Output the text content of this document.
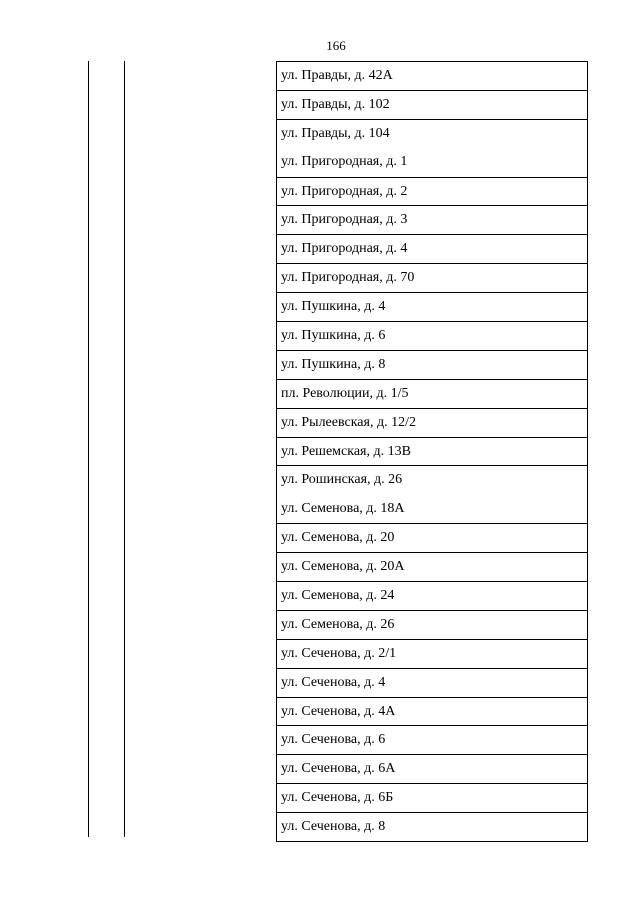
166
ул. Правды, д. 42А
ул. Правды, д. 102
ул. Правды, д. 104
ул. Пригородная, д. 1
ул. Пригородная, д. 2
ул. Пригородная, д. 3
ул. Пригородная, д. 4
ул. Пригородная, д. 70
ул. Пушкина, д. 4
ул. Пушкина, д. 6
ул. Пушкина, д. 8
пл. Революции, д. 1/5
ул. Рылеевская, д. 12/2
ул. Решемская, д. 13В
ул. Рошинская, д. 26
ул. Семенова, д. 18А
ул. Семенова, д. 20
ул. Семенова, д. 20А
ул. Семенова, д. 24
ул. Семенова, д. 26
ул. Сеченова, д. 2/1
ул. Сеченова, д. 4
ул. Сеченова, д. 4А
ул. Сеченова, д. 6
ул. Сеченова, д. 6А
ул. Сеченова, д. 6Б
ул. Сеченова, д. 8
